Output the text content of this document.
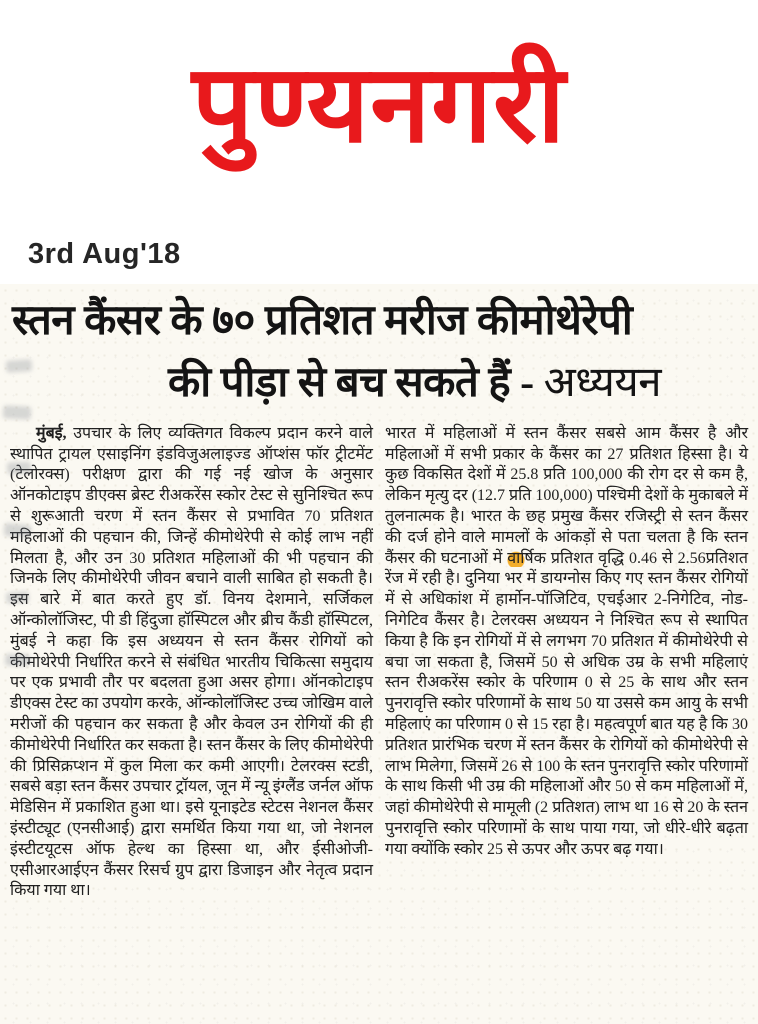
पुण्यनगरी
3rd Aug'18
स्तन कैंसर के ७० प्रतिशत मरीज कीमोथेरेपी
की पीड़ा से बच सकते हैं - अध्ययन

मुंबई, उपचार के लिए व्यक्तिगत विकल्प प्रदान करने वाले स्थापित ट्रायल एसाइनिंग इंडविजुअलाइज्ड ऑप्शंस फॉर ट्रीटमेंट (टेलोरक्स) परीक्षण द्वारा की गई नई खोज के अनुसार ऑनकोटाइप डीएक्स ब्रेस्ट रीअकरेंस स्कोर टेस्ट से सुनिश्चित रूप से शुरूआती चरण में स्तन कैंसर से प्रभावित 70 प्रतिशत महिलाओं की पहचान की, जिन्हें कीमोथेरेपी से कोई लाभ नहीं मिलता है, और उन 30 प्रतिशत महिलाओं की भी पहचान की जिनके लिए कीमोथेरेपी जीवन बचाने वाली साबित हो सकती है। इस बारे में बात करते हुए डॉ. विनय देशमाने, सर्जिकल ऑन्कोलॉजिस्ट, पी डी हिंदुजा हॉस्पिटल और ब्रीच कैंडी हॉस्पिटल, मुंबई ने कहा कि इस अध्ययन से स्तन कैंसर रोगियों को कीमोथेरेपी निर्धारित करने से संबंधित भारतीय चिकित्सा समुदाय पर एक प्रभावी तौर पर बदलता हुआ असर होगा। ऑनकोटाइप डीएक्स टेस्ट का उपयोग करके, ऑन्कोलॉजिस्ट उच्च जोखिम वाले मरीजों की पहचान कर सकता है और केवल उन रोगियों की ही कीमोथेरेपी निर्धारित कर सकता है। स्तन कैंसर के लिए कीमोथेरेपी की प्रिसिक्रप्शन में कुल मिला कर कमी आएगी। टेलरक्स स्टडी, सबसे बड़ा स्तन कैंसर उपचार ट्रॉयल, जून में न्यू इंग्लैंड जर्नल ऑफ मेडिसिन में प्रकाशित हुआ था। इसे यूनाइटेड स्टेटस नेशनल कैंसर इंस्टीट्यूट (एनसीआई) द्वारा समर्थित किया गया था, जो नेशनल इंस्टीटयूटस ऑफ हेल्थ का हिस्सा था, और ईसीओजी-एसीआरआईएन कैंसर रिसर्च ग्रुप द्वारा डिजाइन और नेतृत्व प्रदान किया गया था।

भारत में महिलाओं में स्तन कैंसर सबसे आम कैंसर है और महिलाओं में सभी प्रकार के कैंसर का 27 प्रतिशत हिस्सा है। ये कुछ विकसित देशों में 25.8 प्रति 100,000 की रोग दर से कम है, लेकिन मृत्यु दर (12.7 प्रति 100,000) पश्चिमी देशों के मुकाबले में तुलनात्मक है। भारत के छह प्रमुख कैंसर रजिस्ट्री से स्तन कैंसर की दर्ज होने वाले मामलों के आंकड़ों से पता चलता है कि स्तन कैंसर की घटनाओं में वार्षिक प्रतिशत वृद्धि 0.46 से 2.56प्रतिशत रेंज में रही है। दुनिया भर में डायग्नोस किए गए स्तन कैंसर रोगियों में से अधिकांश में हार्मोन-पॉजिटिव, एचईआर 2-निगेटिव, नोड-निगेटिव कैंसर है। टेलरक्स अध्ययन ने निश्चित रूप से स्थापित किया है कि इन रोगियों में से लगभग 70 प्रतिशत में कीमोथेरेपी से बचा जा सकता है, जिसमें 50 से अधिक उम्र के सभी महिलाएं स्तन रीअकरेंस स्कोर के परिणाम 0 से 25 के साथ और स्तन पुनरावृत्ति स्कोर परिणामों के साथ 50 या उससे कम आयु के सभी महिलाएं का परिणाम 0 से 15 रहा है। महत्वपूर्ण बात यह है कि 30 प्रतिशत प्रारंभिक चरण में स्तन कैंसर के रोगियों को कीमोथेरेपी से लाभ मिलेगा, जिसमें 26 से 100 के स्तन पुनरावृत्ति स्कोर परिणामों के साथ किसी भी उम्र की महिलाओं और 50 से कम महिलाओं में, जहां कीमोथेरेपी से मामूली (2 प्रतिशत) लाभ था 16 से 20 के स्तन पुनरावृत्ति स्कोर परिणामों के साथ पाया गया, जो धीरे-धीरे बढ़ता गया क्योंकि स्कोर 25 से ऊपर और ऊपर बढ़ गया।
